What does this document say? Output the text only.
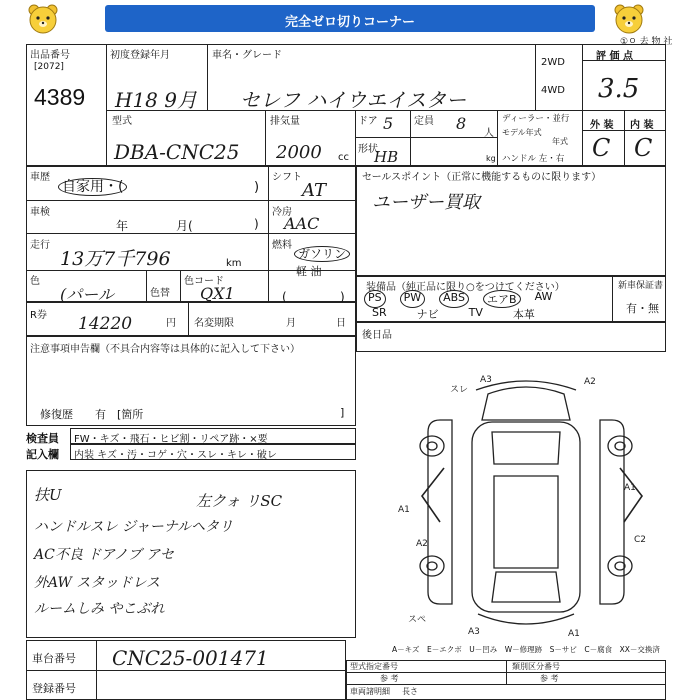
完全ゼロ切りコーナー
①ㅇ 去 物 社
出品番号
[2072]
4389
初度登録年月
H18 9月
車名・グレード
セレフ ハイウエイスター
2WD
4WD
評 価 点
3.5
型式
DBA-CNC25
排気量
2000 cc
ドア 5 定員 8
人
形状
HB	kg
ディーラー・並行
モデル年式
年式
ハンドル 左・右
外 装 内 装
C C
車歴
自家用・(	)
シフト
AT
セールスポイント（正常に機能するものに限ります）
ユーザー買取
車検
年	月(	)
冷房
AAC
走行
13万7千796	km
燃料
ガソリン
軽 油
色
(パール	色替
色コード
QX1	(	)
装備品（純正品に限り○をつけてください）	新車保証書
有・無
PS	PW	ABS	エアB	AW
SR	ナビ	TV	本革
R券 14220	円 名変期限	月	日
後日品
注意事項申告欄（不具合内容等は具体的に記入して下さい）
修復歴　　有　[箇所	]
検査員 FW・キズ・飛石・ヒビ割・リペア跡・×要
記入欄 内装 キズ・汚・コゲ・穴・スレ・キレ・破レ
扶U
ハンドルスレ ジャーナルヘタリ
AC不良 ドアノブ アセ
外AW スタッドレス
ルームしみ やこぶれ
左クォ リSC
スレ
A3	A2
A1
A2
A1
C2
スペ
A3	A1
A－キズ　E－エクボ　U－凹み　W－修理跡　S－サビ　C－腐食　XX－交換済
車台番号 CNC25-001471
登録番号
型式指定番号
参 考
類別区分番号
参 考
車両諸明細 長さ
